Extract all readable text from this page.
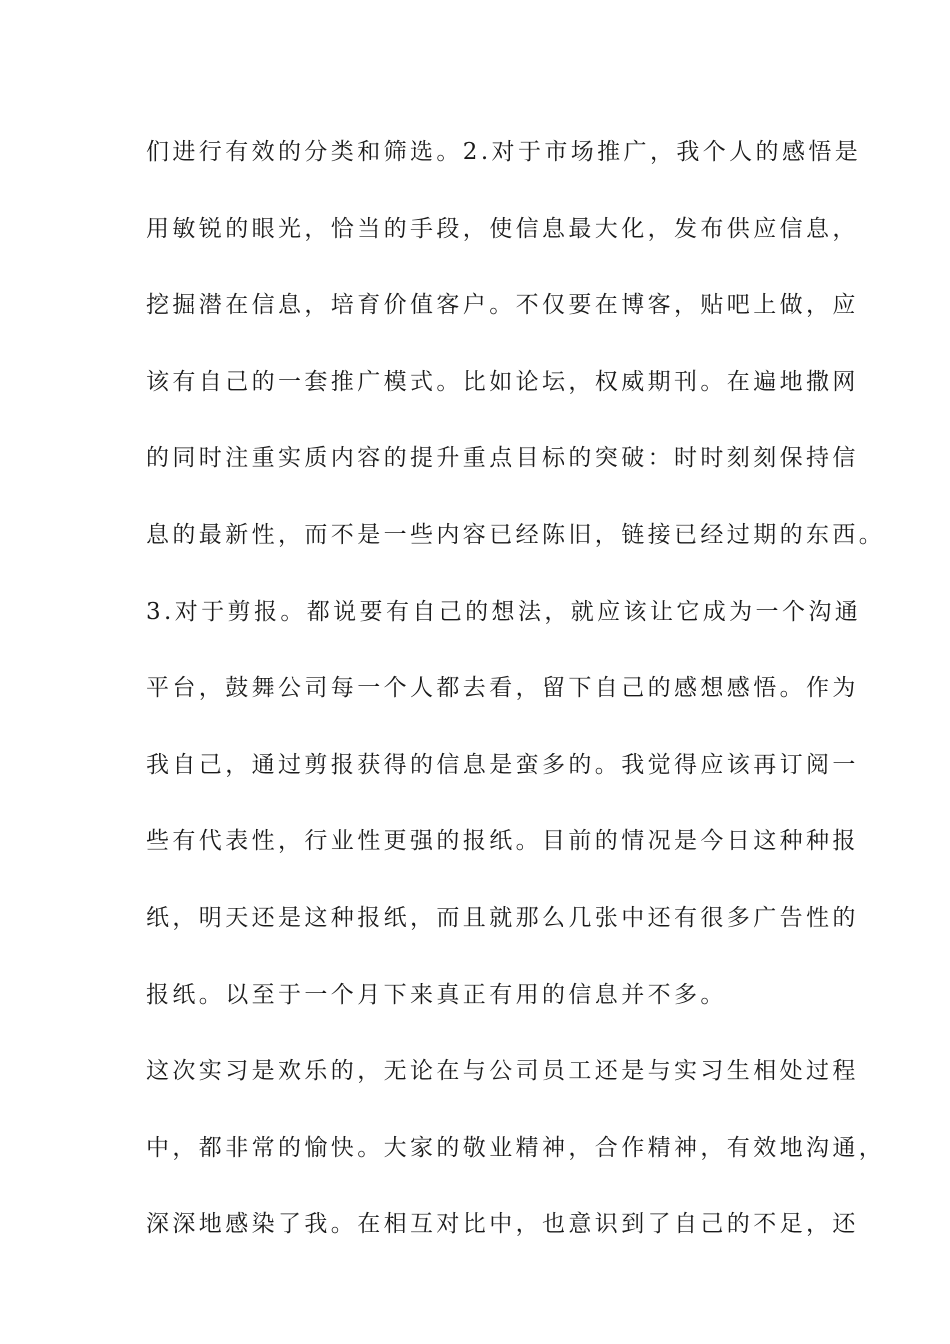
们进行有效的分类和筛选。2.对于市场推广，我个人的感悟是
用敏锐的眼光，恰当的手段，使信息最大化，发布供应信息，
挖掘潜在信息，培育价值客户。不仅要在博客，贴吧上做，应
该有自己的一套推广模式。比如论坛，权威期刊。在遍地撒网
的同时注重实质内容的提升重点目标的突破：时时刻刻保持信
息的最新性，而不是一些内容已经陈旧，链接已经过期的东西。
3.对于剪报。都说要有自己的想法，就应该让它成为一个沟通
平台，鼓舞公司每一个人都去看，留下自己的感想感悟。作为
我自己，通过剪报获得的信息是蛮多的。我觉得应该再订阅一
些有代表性，行业性更强的报纸。目前的情况是今日这种种报
纸，明天还是这种报纸，而且就那么几张中还有很多广告性的
报纸。以至于一个月下来真正有用的信息并不多。
这次实习是欢乐的，无论在与公司员工还是与实习生相处过程
中，都非常的愉快。大家的敬业精神，合作精神，有效地沟通，
深深地感染了我。在相互对比中，也意识到了自己的不足，还
